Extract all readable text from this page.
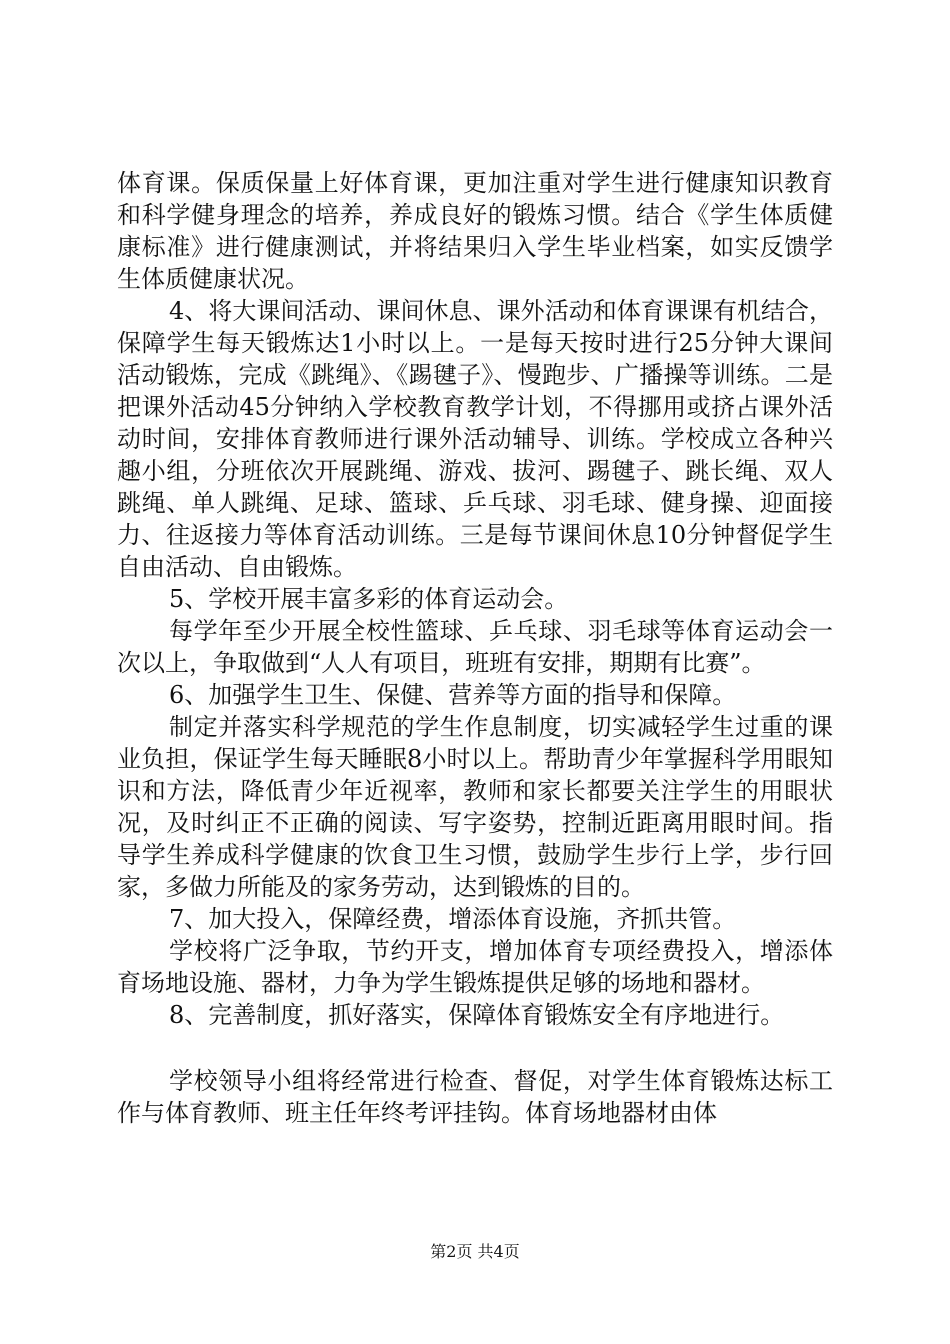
体育课。保质保量上好体育课，更加注重对学生进行健康知识教育和科学健身理念的培养，养成良好的锻炼习惯。结合《学生体质健康标准》进行健康测试，并将结果归入学生毕业档案，如实反馈学生体质健康状况。

4、将大课间活动、课间休息、课外活动和体育课课有机结合，保障学生每天锻炼达1小时以上。一是每天按时进行25分钟大课间活动锻炼，完成《跳绳》、《踢毽子》、慢跑步、广播操等训练。二是把课外活动45分钟纳入学校教育教学计划，不得挪用或挤占课外活动时间，安排体育教师进行课外活动辅导、训练。学校成立各种兴趣小组，分班依次开展跳绳、游戏、拔河、踢毽子、跳长绳、双人跳绳、单人跳绳、足球、篮球、乒乓球、羽毛球、健身操、迎面接力、往返接力等体育活动训练。三是每节课间休息10分钟督促学生自由活动、自由锻炼。

5、学校开展丰富多彩的体育运动会。

每学年至少开展全校性篮球、乒乓球、羽毛球等体育运动会一次以上，争取做到“人人有项目，班班有安排，期期有比赛”。

6、加强学生卫生、保健、营养等方面的指导和保障。

制定并落实科学规范的学生作息制度，切实减轻学生过重的课业负担，保证学生每天睡眠8小时以上。帮助青少年掌握科学用眼知识和方法，降低青少年近视率，教师和家长都要关注学生的用眼状况，及时纠正不正确的阅读、写字姿势，控制近距离用眼时间。指导学生养成科学健康的饮食卫生习惯，鼓励学生步行上学，步行回家，多做力所能及的家务劳动，达到锻炼的目的。

7、加大投入，保障经费，增添体育设施，齐抓共管。

学校将广泛争取，节约开支，增加体育专项经费投入，增添体育场地设施、器材，力争为学生锻炼提供足够的场地和器材。

8、完善制度，抓好落实，保障体育锻炼安全有序地进行。

学校领导小组将经常进行检查、督促，对学生体育锻炼达标工作与体育教师、班主任年终考评挂钩。体育场地器材由体

第2页 共4页
